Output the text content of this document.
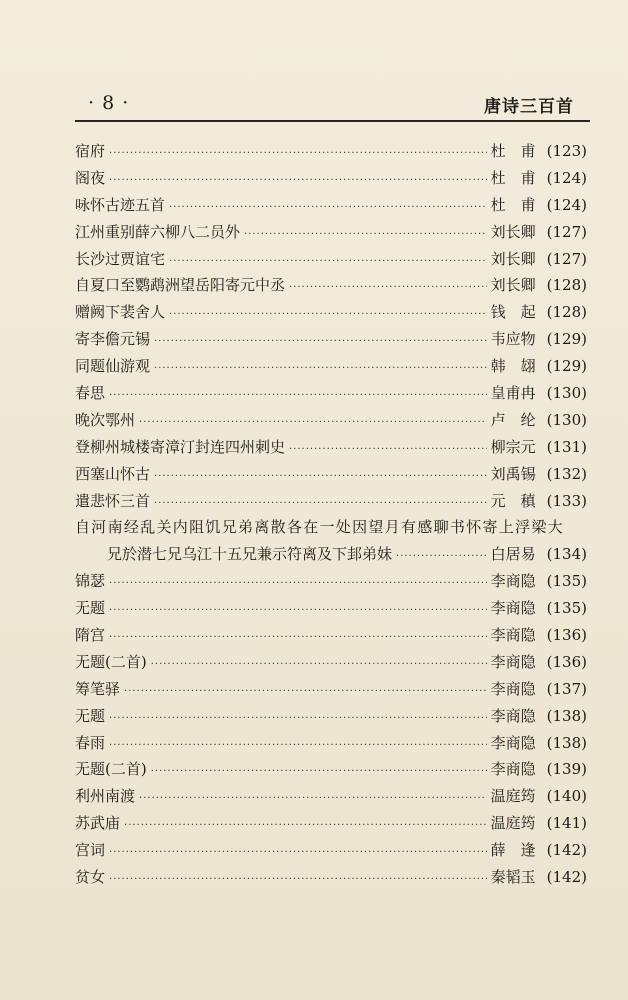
· 8 ·	唐诗三百首
宿府 ·····	杜　甫 (123)
阁夜 ·····	杜　甫 (124)
咏怀古迹五首 ·····	杜　甫 (124)
江州重别薛六柳八二员外 ·····	刘长卿 (127)
长沙过贾谊宅 ·····	刘长卿 (127)
自夏口至鹦鹉洲望岳阳寄元中丞 ·····	刘长卿 (128)
赠阙下裴舍人 ·····	钱　起 (128)
寄李儋元锡 ·····	韦应物 (129)
同题仙游观 ·····	韩　翃 (129)
春思 ·····	皇甫冉 (130)
晚次鄂州 ·····	卢　纶 (130)
登柳州城楼寄漳汀封连四州刺史 ·····	柳宗元 (131)
西塞山怀古 ·····	刘禹锡 (132)
遣悲怀三首 ·····	元　稹 (133)
自河南经乱关内阻饥兄弟离散各在一处因望月有感聊书怀寄上浮梁大
兄於潜七兄乌江十五兄兼示符离及下邽弟妹 ·····	白居易 (134)
锦瑟 ·····	李商隐 (135)
无题 ·····	李商隐 (135)
隋宫 ·····	李商隐 (136)
无题(二首) ·····	李商隐 (136)
筹笔驿 ·····	李商隐 (137)
无题 ·····	李商隐 (138)
春雨 ·····	李商隐 (138)
无题(二首) ·····	李商隐 (139)
利州南渡 ·····	温庭筠 (140)
苏武庙 ·····	温庭筠 (141)
宫词 ·····	薛　逢 (142)
贫女 ·····	秦韬玉 (142)
